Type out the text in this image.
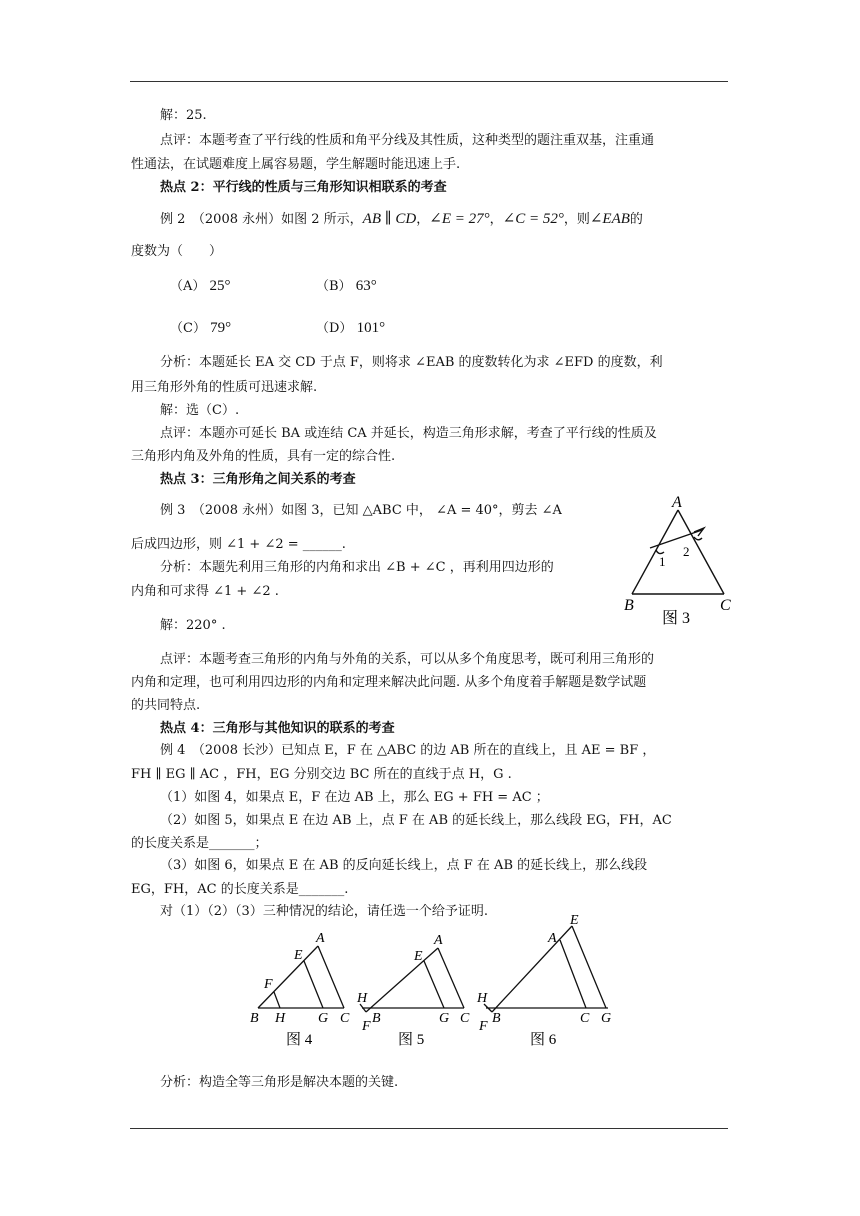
解：25.
点评：本题考查了平行线的性质和角平分线及其性质，这种类型的题注重双基，注重通
性通法，在试题难度上属容易题，学生解题时能迅速上手.
热点 2：平行线的性质与三角形知识相联系的考查
例 2　（2008 永州）如图 2 所示，AB ∥ CD，∠E = 27°，∠C = 52°，则∠EAB的
度数为（　　）
（A） 25°	（B） 63°
（C） 79°	（D） 101°
分析：本题延长 EA 交 CD 于点 F，则将求 ∠EAB 的度数转化为求 ∠EFD 的度数，利
用三角形外角的性质可迅速求解.
解：选（C）.
点评：本题亦可延长 BA 或连结 CA 并延长，构造三角形求解，考查了平行线的性质及
三角形内角及外角的性质，具有一定的综合性.
热点 3：三角形角之间关系的考查
例 3　（2008 永州）如图 3，已知 △ABC 中， ∠A = 40°，剪去 ∠A
后成四边形，则 ∠1 + ∠2 = ______.
分析：本题先利用三角形的内角和求出 ∠B + ∠C ，再利用四边形的
内角和可求得 ∠1 + ∠2 .
解：220° .
A
1
2
B	C
图 3
点评：本题考查三角形的内角与外角的关系，可以从多个角度思考，既可利用三角形的
内角和定理，也可利用四边形的内角和定理来解决此问题. 从多个角度着手解题是数学试题
的共同特点.
热点 4：三角形与其他知识的联系的考查
例 4　（2008 长沙）已知点 E，F 在 △ABC 的边 AB 所在的直线上，且 AE = BF ，
FH ∥ EG ∥ AC ，FH，EG 分别交边 BC 所在的直线于点 H，G .
（1）如图 4，如果点 E，F 在边 AB 上，那么 EG + FH = AC ；
（2）如图 5，如果点 E 在边 AB 上，点 F 在 AB 的延长线上，那么线段 EG，FH，AC
的长度关系是_______；
（3）如图 6，如果点 E 在 AB 的反向延长线上，点 F 在 AB 的延长线上，那么线段
EG，FH，AC 的长度关系是_______.
对（1）（2）（3）三种情况的结论，请任选一个给予证明.
A
E
F
B H G C
图 4
A
E
H
B
F
G C
图 5
E
A
H
B
F
C G
图 6
分析：构造全等三角形是解决本题的关键.
